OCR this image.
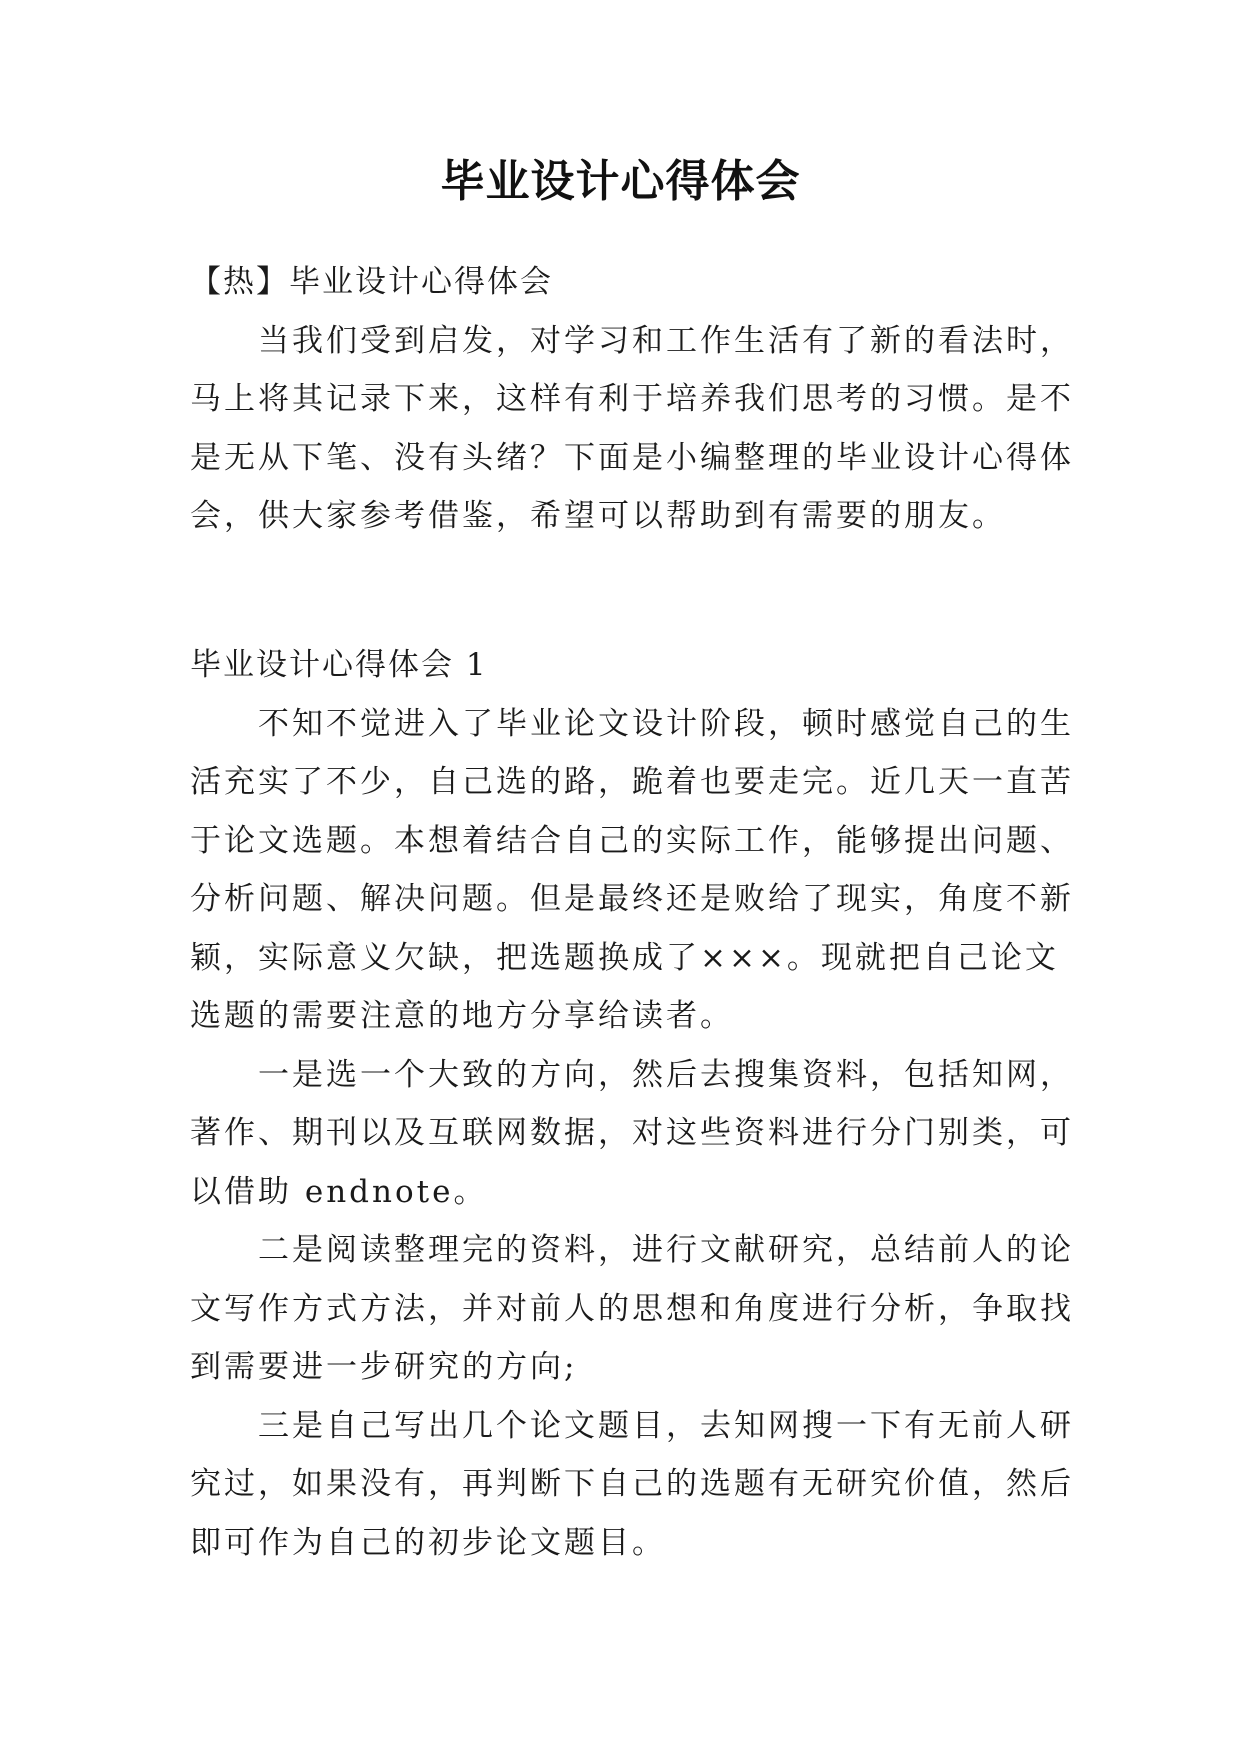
毕业设计心得体会
【热】毕业设计心得体会
当我们受到启发，对学习和工作生活有了新的看法时，
马上将其记录下来，这样有利于培养我们思考的习惯。是不
是无从下笔、没有头绪？下面是小编整理的毕业设计心得体
会，供大家参考借鉴，希望可以帮助到有需要的朋友。
毕业设计心得体会 1
不知不觉进入了毕业论文设计阶段，顿时感觉自己的生
活充实了不少，自己选的路，跪着也要走完。近几天一直苦
于论文选题。本想着结合自己的实际工作，能够提出问题、
分析问题、解决问题。但是最终还是败给了现实，角度不新
颖，实际意义欠缺，把选题换成了×××。现就把自己论文
选题的需要注意的地方分享给读者。
一是选一个大致的方向，然后去搜集资料，包括知网，
著作、期刊以及互联网数据，对这些资料进行分门别类，可
以借助 endnote。
二是阅读整理完的资料，进行文献研究，总结前人的论
文写作方式方法，并对前人的思想和角度进行分析，争取找
到需要进一步研究的方向;
三是自己写出几个论文题目，去知网搜一下有无前人研
究过，如果没有，再判断下自己的选题有无研究价值，然后
即可作为自己的初步论文题目。
